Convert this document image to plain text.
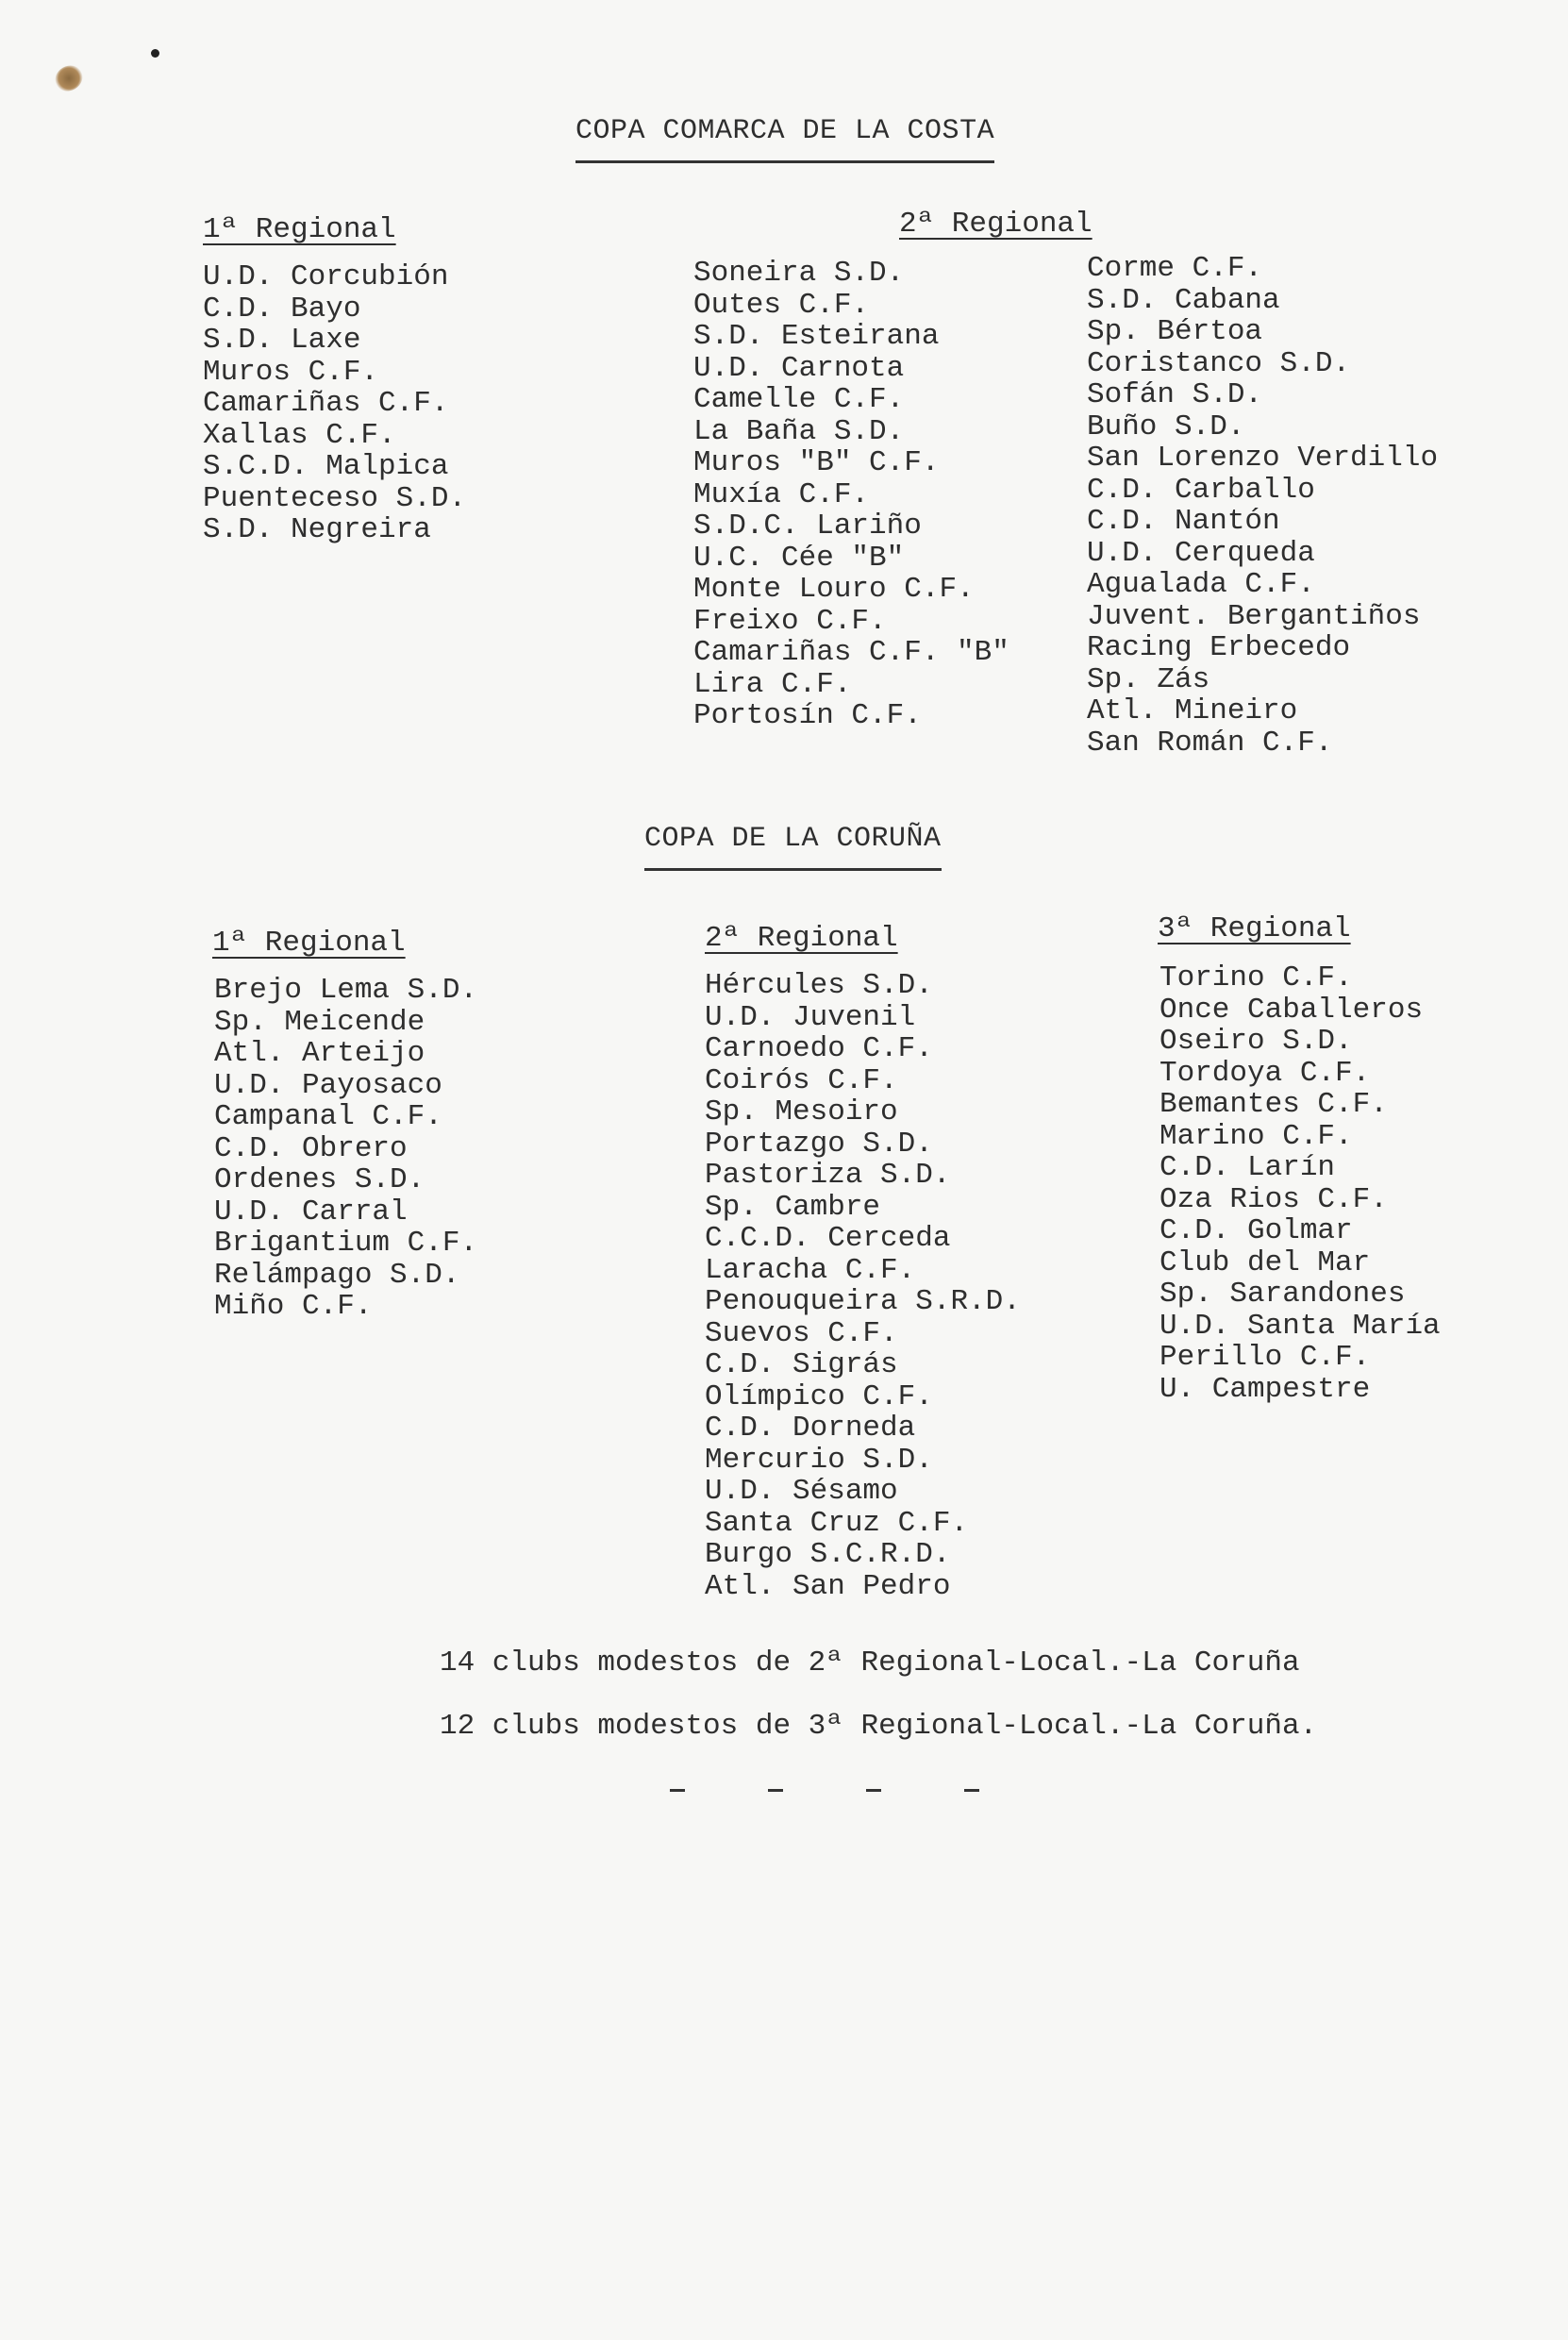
COPA COMARCA DE LA COSTA
1ª Regional
U.D. Corcubión
C.D. Bayo
S.D. Laxe
Muros C.F.
Camariñas C.F.
Xallas C.F.
S.C.D. Malpica
Puenteceso S.D.
S.D. Negreira
2ª Regional
Soneira S.D.
Outes C.F.
S.D. Esteirana
U.D. Carnota
Camelle C.F.
La Baña S.D.
Muros "B" C.F.
Muxía C.F.
S.D.C. Lariño
U.C. Cée "B"
Monte Louro C.F.
Freixo C.F.
Camariñas C.F. "B"
Lira C.F.
Portosín C.F.
Corme C.F.
S.D. Cabana
Sp. Bértoa
Coristanco S.D.
Sofán S.D.
Buño S.D.
San Lorenzo Verdillo
C.D. Carballo
C.D. Nantón
U.D. Cerqueda
Agualada C.F.
Juvent. Bergantiños
Racing Erbecedo
Sp. Zás
Atl. Mineiro
San Román C.F.
COPA DE LA CORUÑA
1ª Regional
Brejo Lema S.D.
Sp. Meicende
Atl. Arteijo
U.D. Payosaco
Campanal C.F.
C.D. Obrero
Ordenes S.D.
U.D. Carral
Brigantium C.F.
Relámpago S.D.
Miño C.F.
2ª Regional
Hércules S.D.
U.D. Juvenil
Carnoedo C.F.
Coirós C.F.
Sp. Mesoiro
Portazgo S.D.
Pastoriza S.D.
Sp. Cambre
C.C.D. Cerceda
Laracha C.F.
Penouqueira S.R.D.
Suevos C.F.
C.D. Sigrás
Olímpico C.F.
C.D. Dorneda
Mercurio S.D.
U.D. Sésamo
Santa Cruz C.F.
Burgo S.C.R.D.
Atl. San Pedro
3ª Regional
Torino C.F.
Once Caballeros
Oseiro S.D.
Tordoya C.F.
Bemantes C.F.
Marino C.F.
C.D. Larín
Oza Rios C.F.
C.D. Golmar
Club del Mar
Sp. Sarandones
U.D. Santa María
Perillo C.F.
U. Campestre
14 clubs modestos de 2ª Regional-Local.-La Coruña
12 clubs modestos de 3ª Regional-Local.-La Coruña.
